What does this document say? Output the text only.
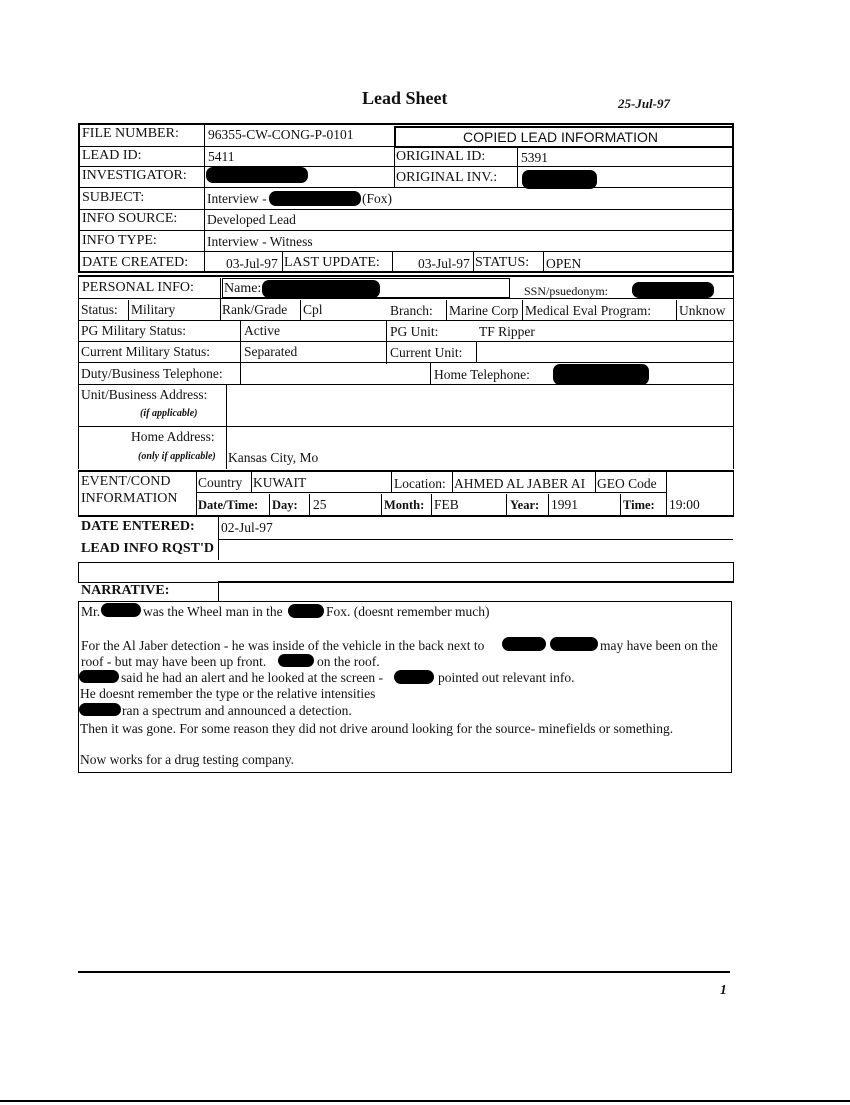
Lead Sheet	25-Jul-97
FILE NUMBER: 96355-CW-CONG-P-0101	COPIED LEAD INFORMATION
LEAD ID:	5411	ORIGINAL ID:	5391
INVESTIGATOR:	ORIGINAL INV.:
SUBJECT:	Interview -	(Fox)
INFO SOURCE: Developed Lead
INFO TYPE:	Interview - Witness
DATE CREATED:	03-Jul-97 LAST UPDATE:	03-Jul-97 STATUS: OPEN
PERSONAL INFO: Name:	SSN/psuedonym:
Status: Military	Rank/Grade Cpl	Branch: Marine Corp Medical Eval Program: Unknow
PG Military Status:	Active	PG Unit:	TF Ripper
Current Military Status:	Separated	Current Unit:
Duty/Business Telephone:	Home Telephone:
Unit/Business Address:
(if applicable)
Home Address:
(only if applicable) Kansas City, Mo
EVENT/COND
INFORMATION
Country KUWAIT	Location: AHMED AL JABER AI GEO Code
Date/Time: Day: 25	Month: FEB	Year: 1991	Time: 19:00
DATE ENTERED: 02-Jul-97
LEAD INFO RQST'D
NARRATIVE:
Mr.	was the Wheel man in the	Fox. (doesnt remember much)
For the Al Jaber detection - he was inside of the vehicle in the back next to	may have been on the
roof - but may have been up front.	on the roof.
said he had an alert and he looked at the screen -	pointed out relevant info.
He doesnt remember the type or the relative intensities
ran a spectrum and announced a detection.
Then it was gone. For some reason they did not drive around looking for the source- minefields or something.
Now works for a drug testing company.
1
